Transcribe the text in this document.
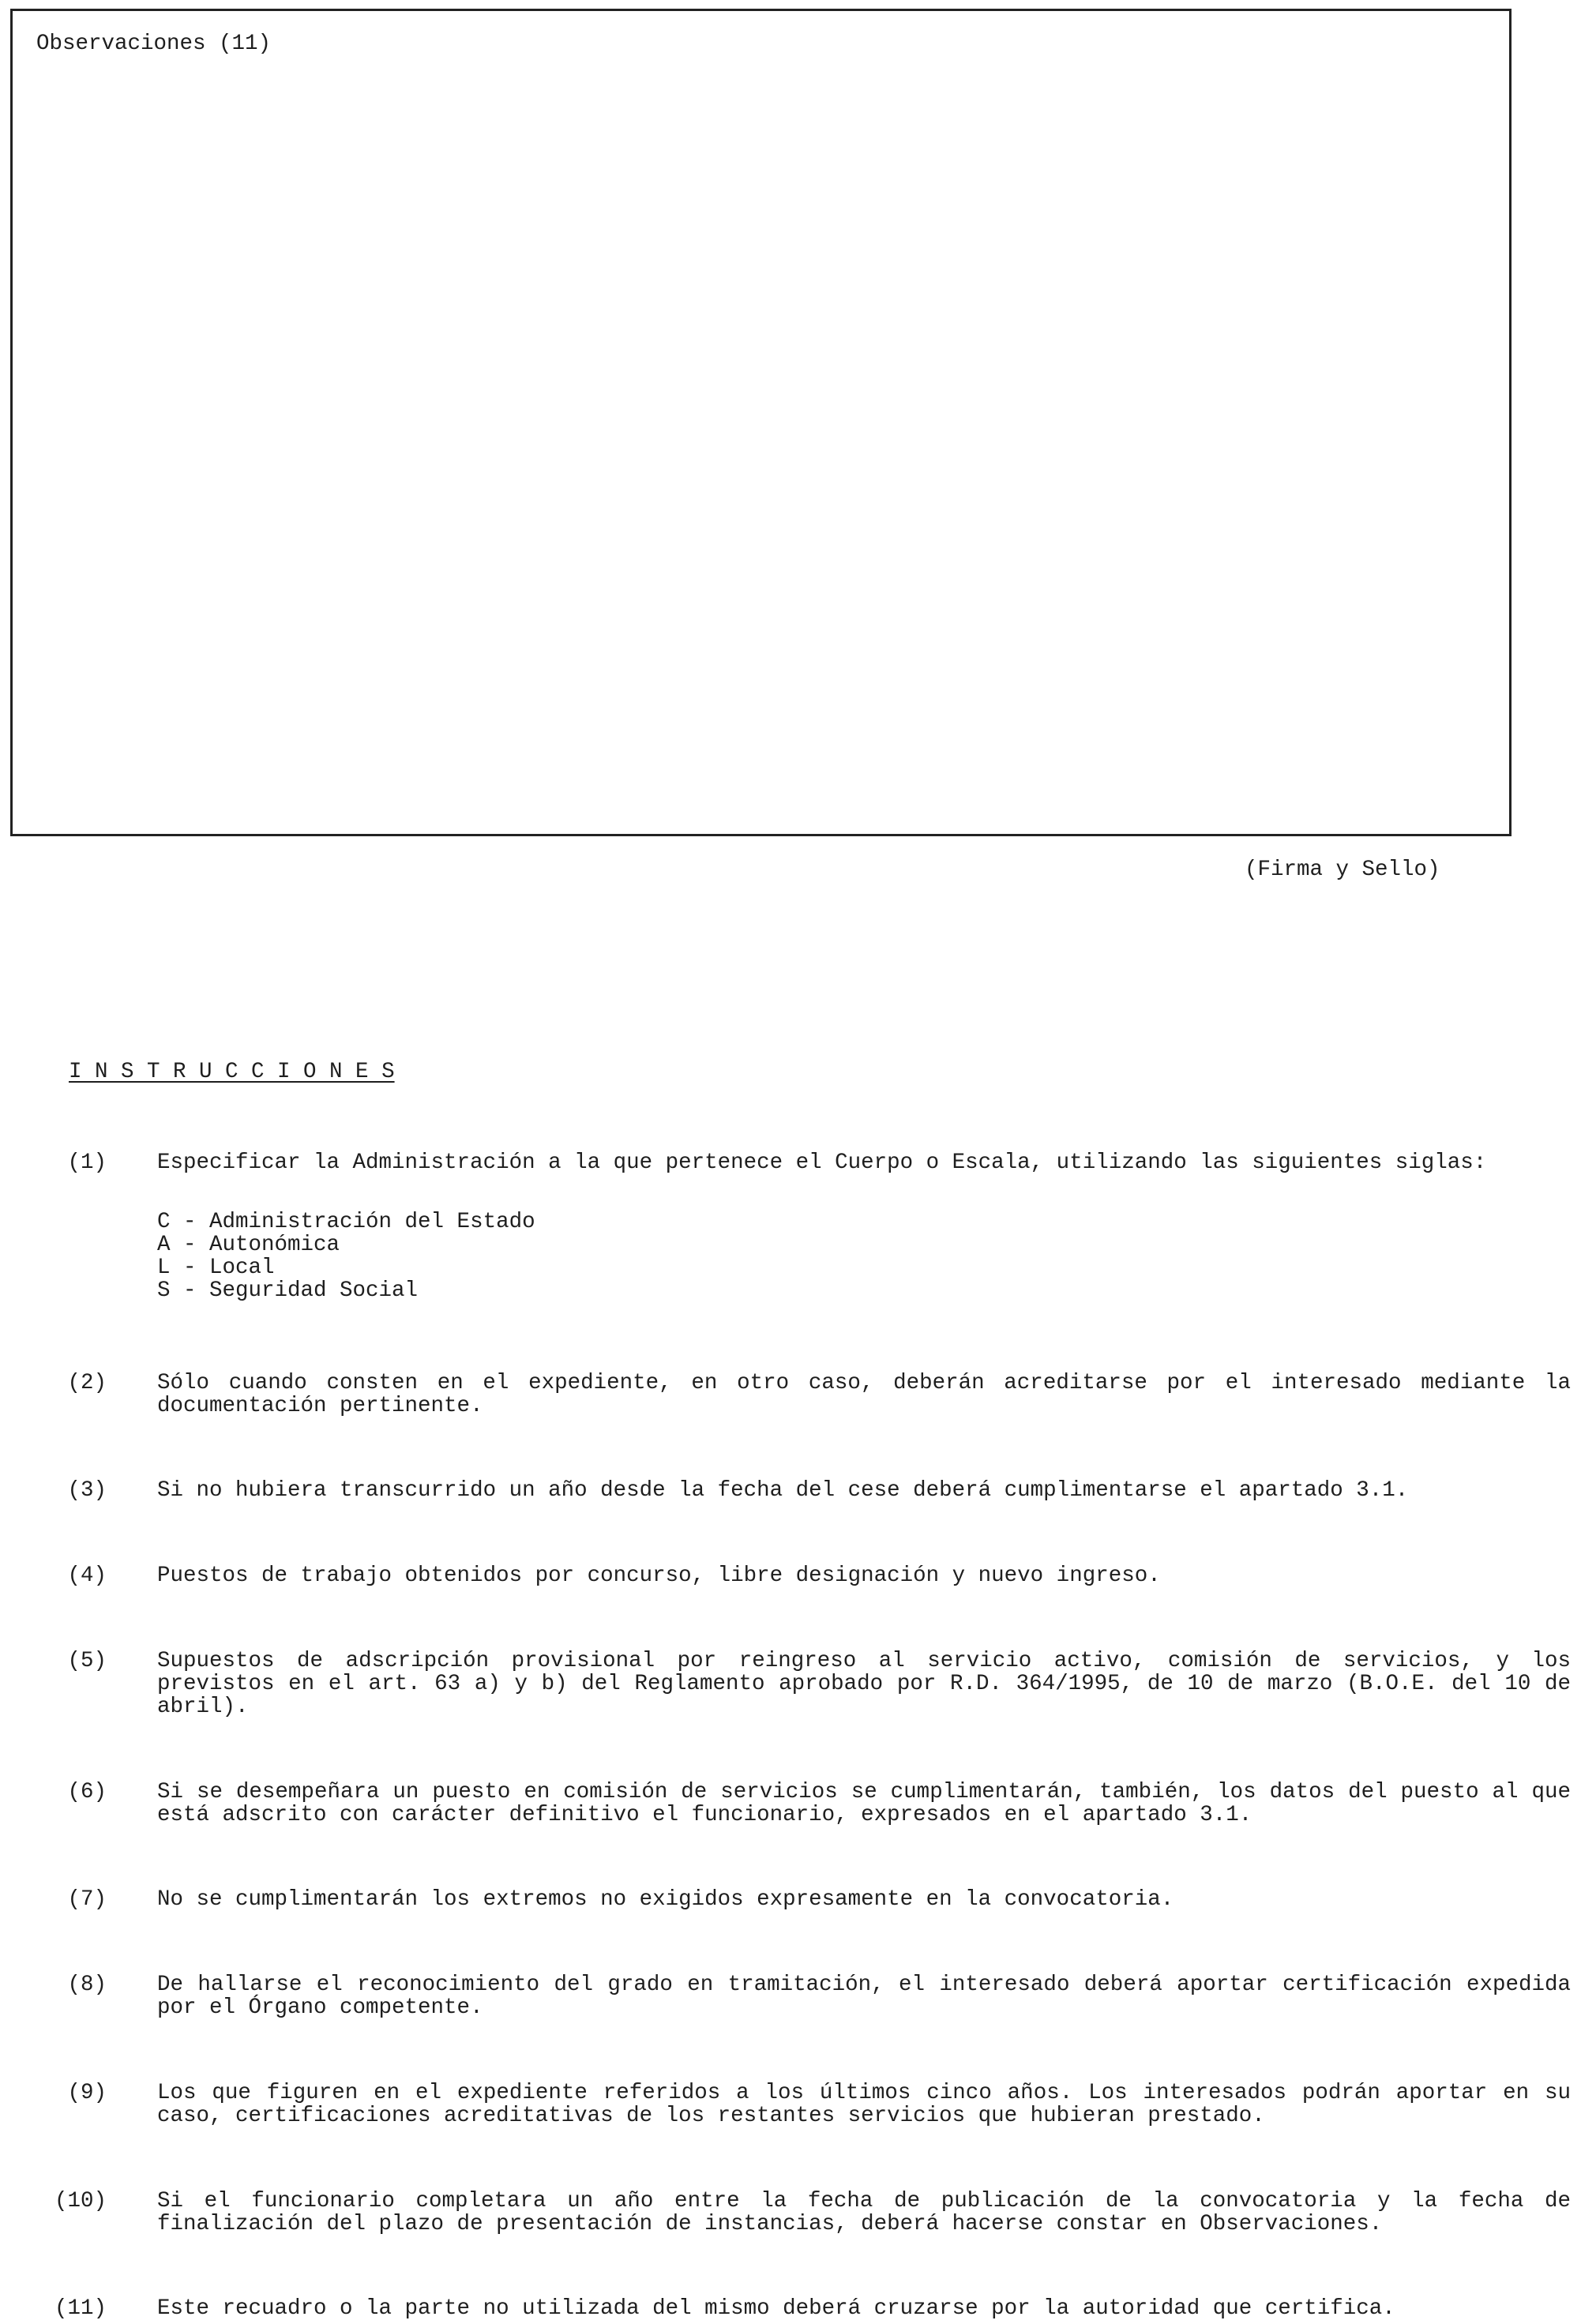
Observaciones (11)
(Firma y Sello)
I N S T R U C C I O N E S
(1) Especificar la Administración a la que pertenece el Cuerpo o Escala, utilizando las siguientes siglas:
C - Administración del Estado
A - Autonómica
L - Local
S - Seguridad Social
(2) Sólo cuando consten en el expediente, en otro caso, deberán acreditarse por el interesado mediante la documentación pertinente.
(3) Si no hubiera transcurrido un año desde la fecha del cese deberá cumplimentarse el apartado 3.1.
(4) Puestos de trabajo obtenidos por concurso, libre designación y nuevo ingreso.
(5) Supuestos de adscripción provisional por reingreso al servicio activo, comisión de servicios, y los previstos en el art. 63 a) y b) del Reglamento aprobado por R.D. 364/1995, de 10 de marzo (B.O.E. del 10 de abril).
(6) Si se desempeñara un puesto en comisión de servicios se cumplimentarán, también, los datos del puesto al que está adscrito con carácter definitivo el funcionario, expresados en el apartado 3.1.
(7) No se cumplimentarán los extremos no exigidos expresamente en la convocatoria.
(8) De hallarse el reconocimiento del grado en tramitación, el interesado deberá aportar certificación expedida por el Órgano competente.
(9) Los que figuren en el expediente referidos a los últimos cinco años. Los interesados podrán aportar en su caso, certificaciones acreditativas de los restantes servicios que hubieran prestado.
(10) Si el funcionario completara un año entre la fecha de publicación de la convocatoria y la fecha de finalización del plazo de presentación de instancias, deberá hacerse constar en Observaciones.
(11) Este recuadro o la parte no utilizada del mismo deberá cruzarse por la autoridad que certifica.
